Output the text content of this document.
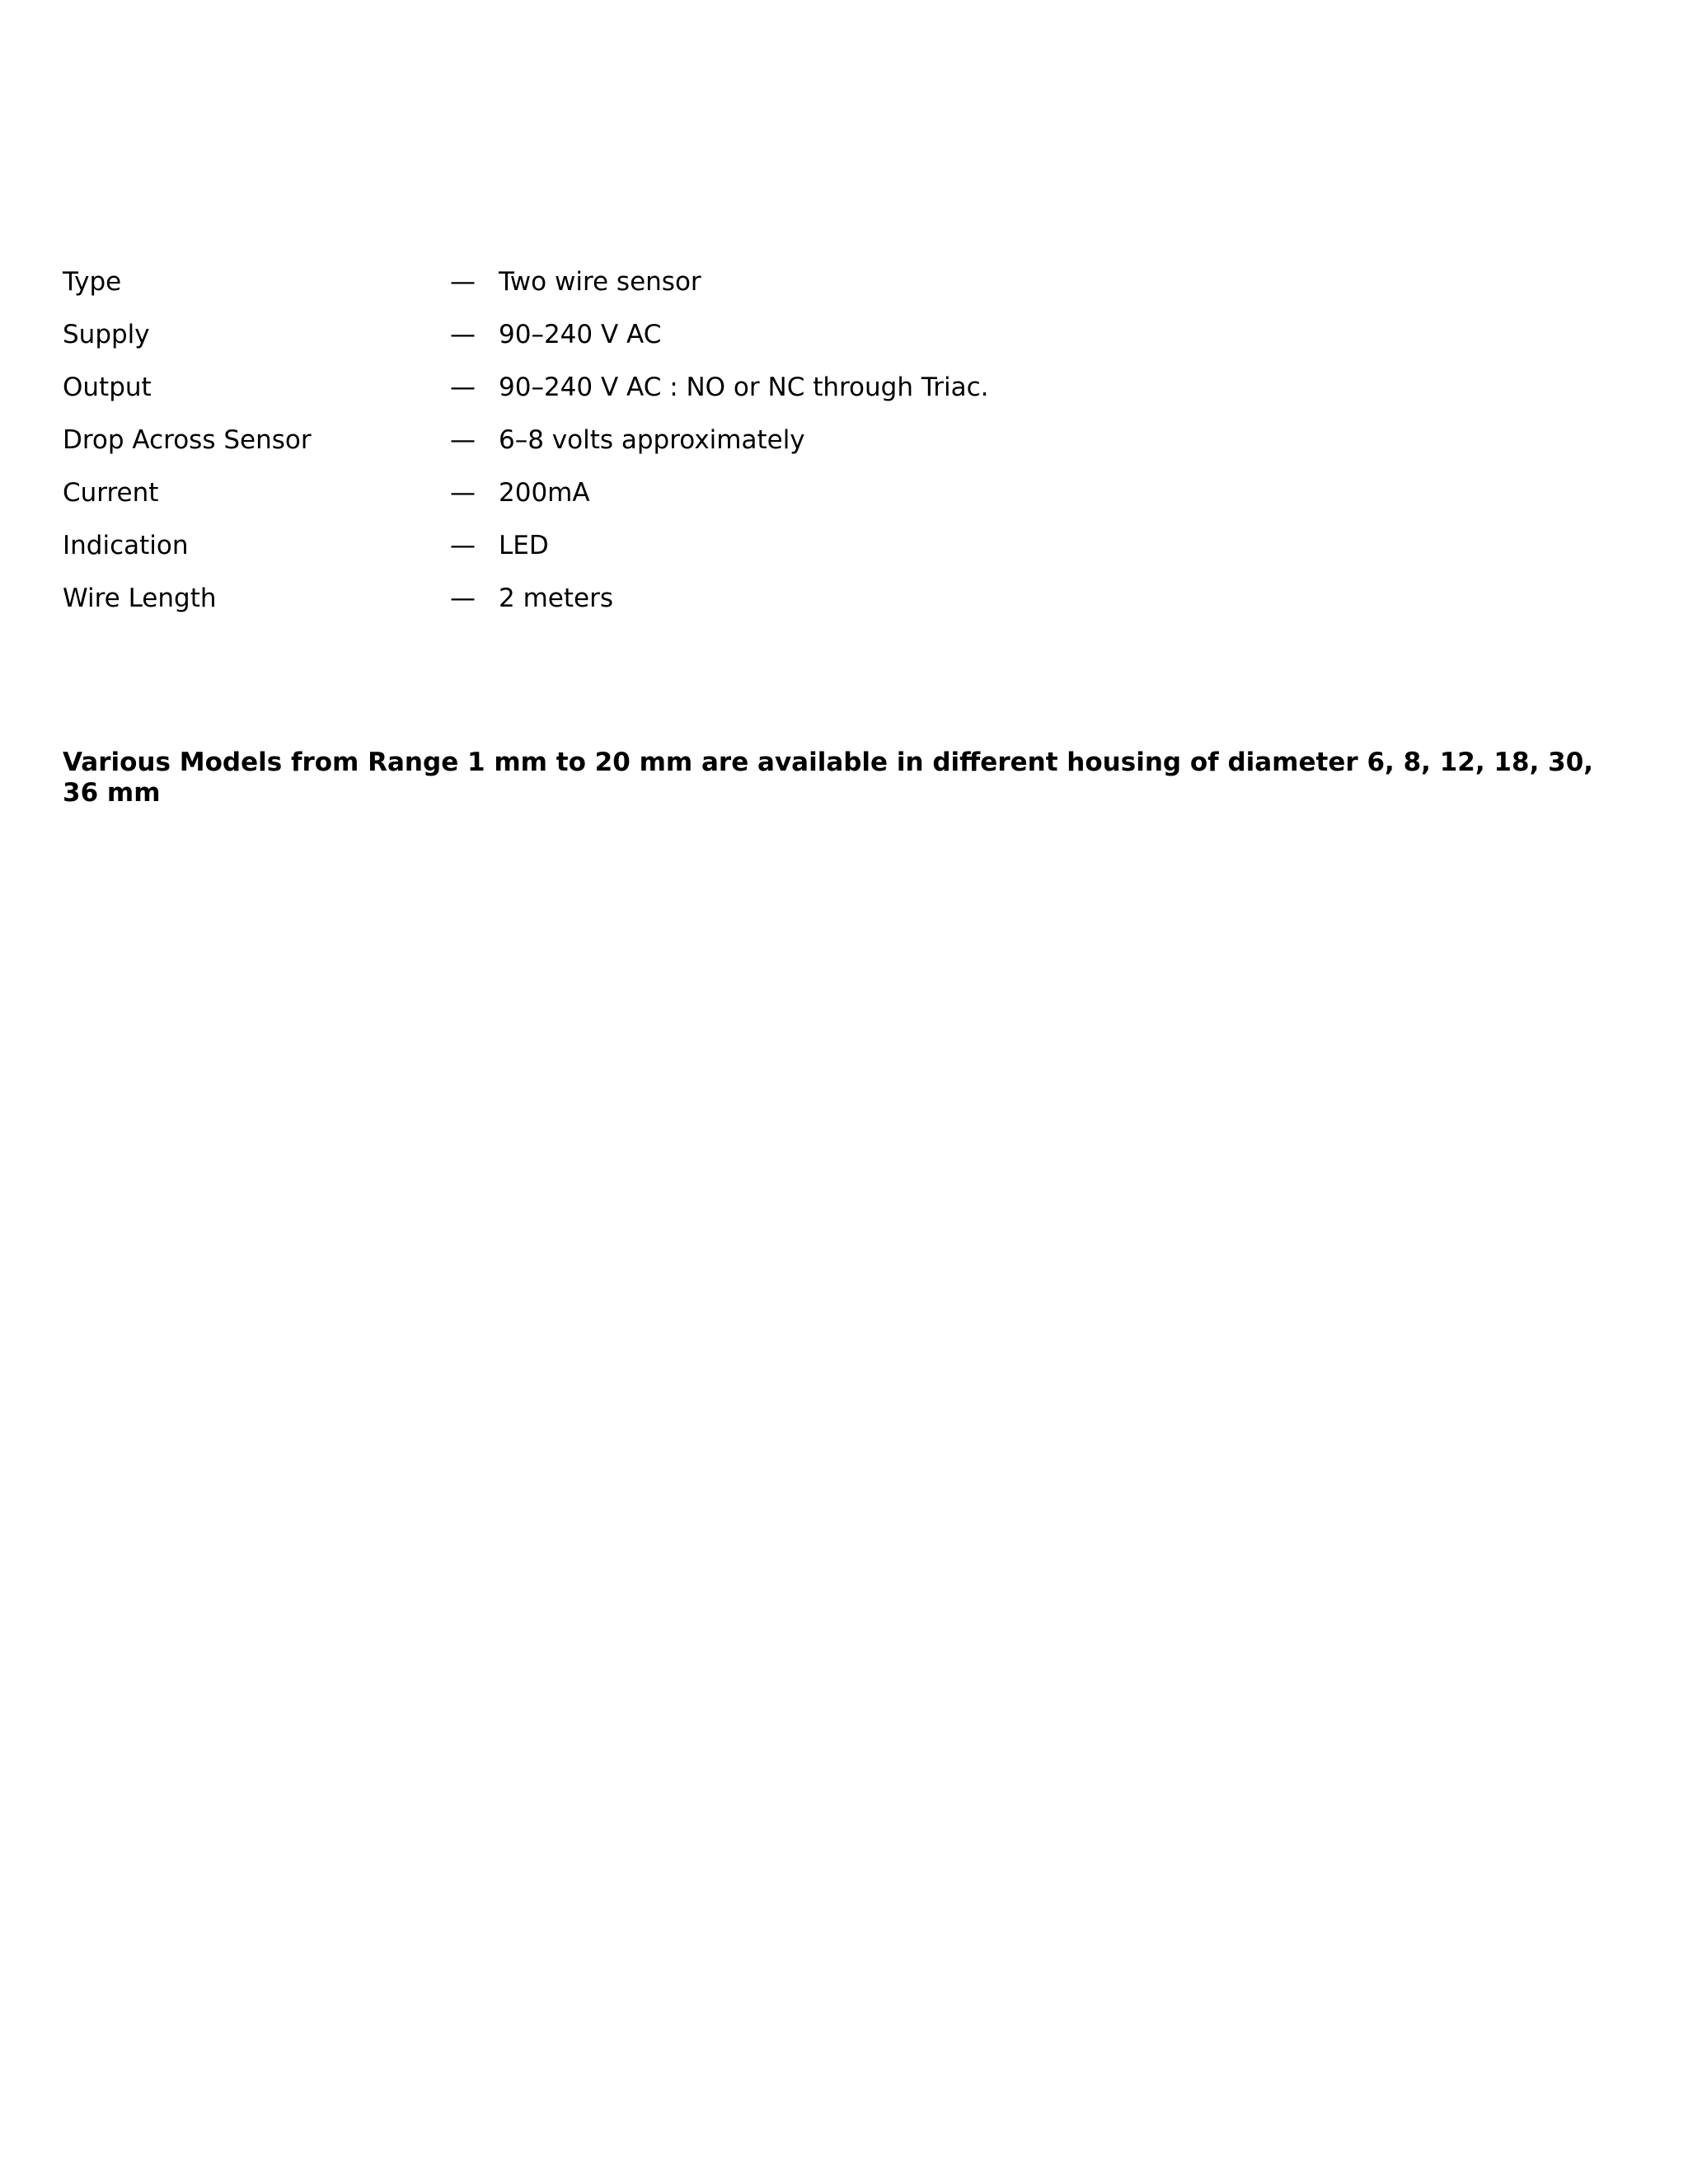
Type	— Two wire sensor
Supply	— 90–240 V AC
Output	— 90–240 V AC : NO or NC through Triac.
Drop Across Sensor	— 6–8 volts approximately
Current	— 200mA
Indication	— LED
Wire Length	— 2 meters

Various Models from Range 1 mm to 20 mm are available in different housing of diameter 6, 8, 12, 18, 30, 36 mm
